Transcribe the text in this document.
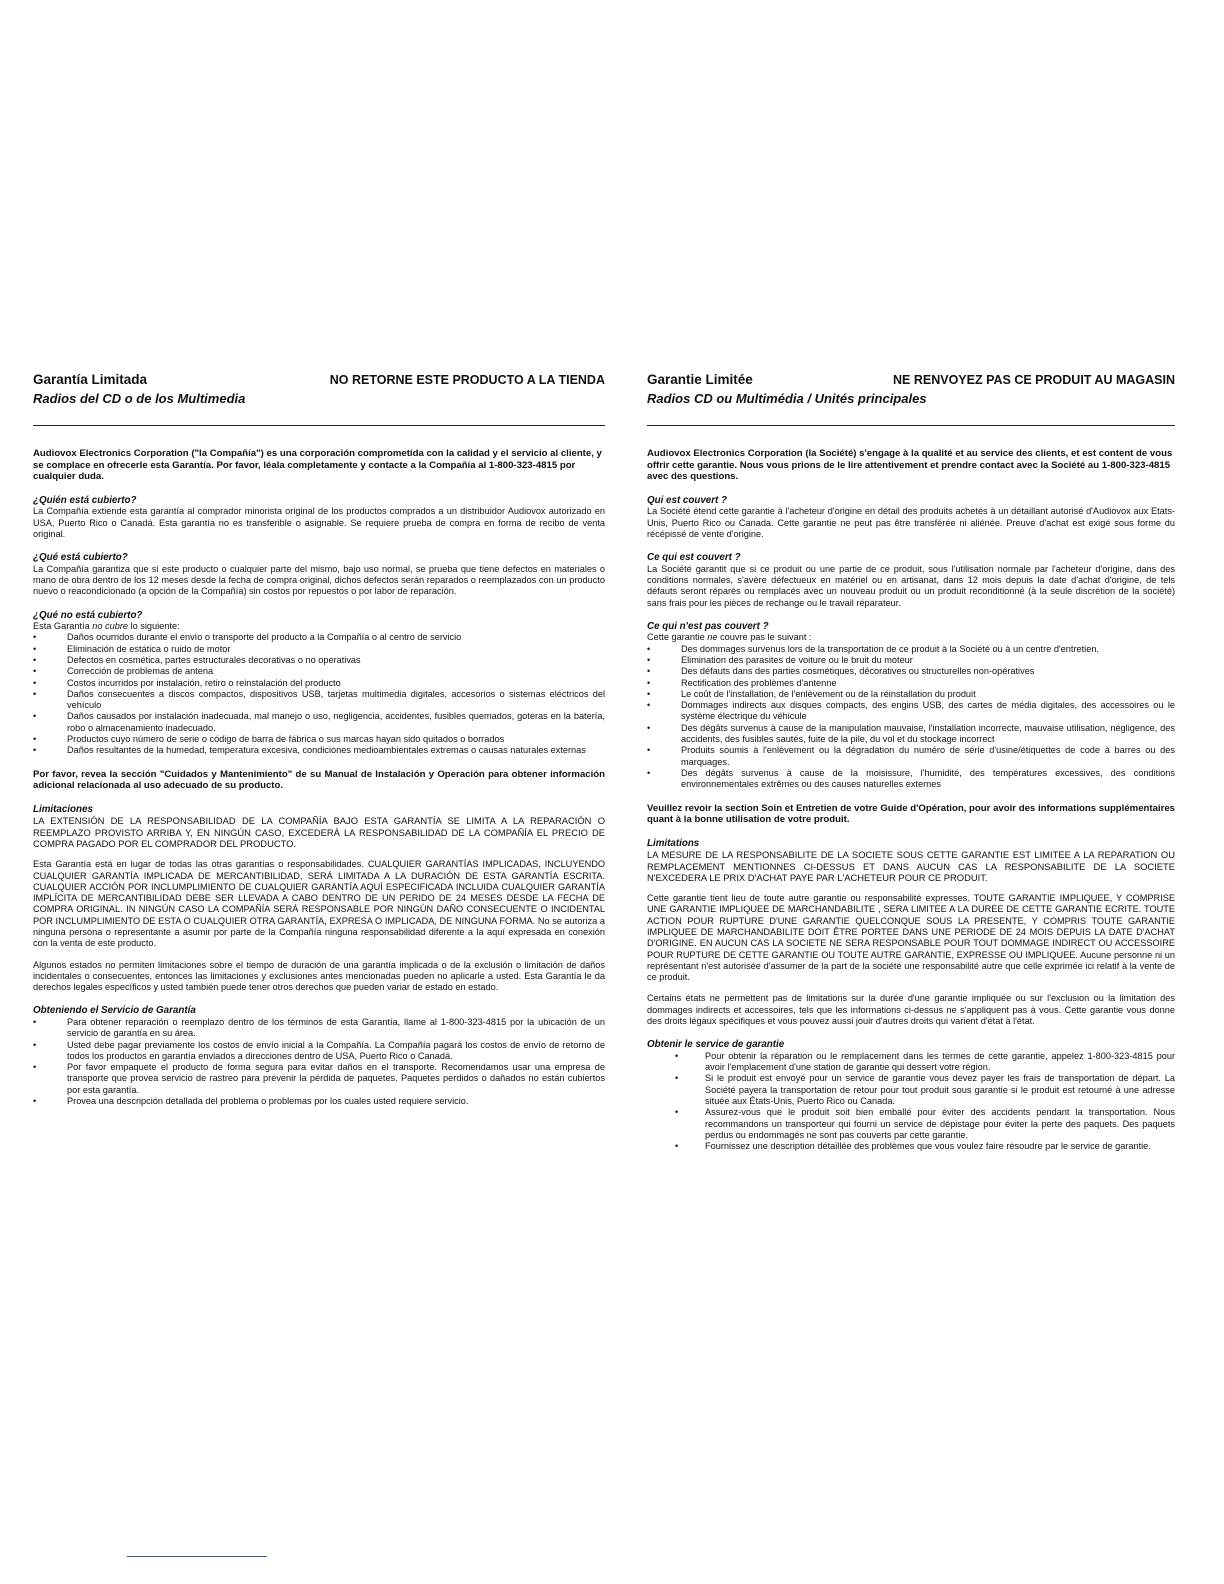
Garantía Limitada	NO RETORNE ESTE PRODUCTO A LA TIENDA
Radios del CD o de los Multimedia
Audiovox Electronics Corporation ("la Compañía") es una corporación comprometida con la calidad y el servicio al cliente, y se complace en ofrecerle esta Garantía. Por favor, léala completamente y contacte a la Compañía al 1-800-323-4815 por cualquier duda.
¿Quién está cubierto?

La Compañía extiende esta garantía al comprador minorista original de los productos comprados a un distribuidor Audiovox autorizado en USA, Puerto Rico o Canadá. Esta garantía no es transferible o asignable. Se requiere prueba de compra en forma de recibo de venta original.

¿Qué está cubierto?

La Compañía garantiza que si este producto o cualquier parte del mismo, bajo uso normal, se prueba que tiene defectos en materiales o mano de obra dentro de los 12 meses desde la fecha de compra original, dichos defectos serán reparados o reemplazados con un producto nuevo o reacondicionado (a opción de la Compañía) sin costos por repuestos o por labor de reparación.

¿Qué no está cubierto?

Esta Garantía no cubre lo siguiente:

• Daños ocurridos durante el envío o transporte del producto a la Compañía o al centro de servicio
• Eliminación de estática o ruido de motor
• Defectos en cosmética, partes estructurales decorativas o no operativas
• Corrección de problemas de antena
• Costos incurridos por instalación, retiro o reinstalación del producto
• Daños consecuentes a discos compactos, dispositivos USB, tarjetas multimedia digitales, accesorios o sistemas eléctricos del vehículo
• Daños causados por instalación inadecuada, mal manejo o uso, negligencia, accidentes, fusibles quemados, goteras en la batería, robo o almacenamiento inadecuado.
• Productos cuyo número de serie o código de barra de fábrica o sus marcas hayan sido quitados o borrados
• Daños resultantes de la humedad, temperatura excesiva, condiciones medioambientales extremas o causas naturales externas

Por favor, revea la sección "Cuidados y Mantenimiento" de su Manual de Instalación y Operación para obtener información adicional relacionada al uso adecuado de su producto.

Limitaciones

LA EXTENSIÓN DE LA RESPONSABILIDAD DE LA COMPAÑÍA BAJO ESTA GARANTÍA SE LIMITA A LA REPARACIÓN O REEMPLAZO PROVISTO ARRIBA Y, EN NINGÚN CASO, EXCEDERÁ LA RESPONSABILIDAD DE LA COMPAÑÍA EL PRECIO DE COMPRA PAGADO POR EL COMPRADOR DEL PRODUCTO.

Esta Garantía está en lugar de todas las otras garantías o responsabilidades. CUALQUIER GARANTÍAS IMPLICADAS, INCLUYENDO CUALQUIER GARANTÍA IMPLICADA DE MERCANTIBILIDAD, SERÁ LIMITADA A LA DURACIÓN DE ESTA GARANTÍA ESCRITA. CUALQUIER ACCIÓN POR INCLUMPLIMIENTO DE CUALQUIER GARANTÍA AQUÍ ESPECIFICADA INCLUIDA CUALQUIER GARANTÍA IMPLÍCITA DE MERCANTIBILIDAD DEBE SER LLEVADA A CABO DENTRO DE UN PERIDO DE 24 MESES DESDE LA FECHA DE COMPRA ORIGINAL. IN NINGÚN CASO LA COMPAÑÍA SERÁ RESPONSABLE POR NINGÚN DAÑO CONSECUENTE O INCIDENTAL POR INCLUMPLIMIENTO DE ESTA O CUALQUIER OTRA GARANTÍA, EXPRESA O IMPLICADA, DE NINGUNA FORMA. No se autoriza a ninguna persona o representante a asumir por parte de la Compañía ninguna responsabilidad diferente a la aquí expresada en conexión con la venta de este producto.

Algunos estados no permiten limitaciones sobre el tiempo de duración de una garantía implicada o de la exclusión o limitación de daños incidentales o consecuentes, entonces las limitaciones y exclusiones antes mencionadas pueden no aplicarle a usted. Esta Garantía le da derechos legales específicos y usted también puede tener otros derechos que pueden variar de estado en estado.

Obteniendo el Servicio de Garantía
• Para obtener reparación o reemplazo dentro de los términos de esta Garantía, llame al 1-800-323-4815 por la ubicación de un servicio de garantía en su área.
• Usted debe pagar previamente los costos de envío inicial a la Compañía. La Compañía pagará los costos de envío de retorno de todos los productos en garantía enviados a direcciones dentro de USA, Puerto Rico o Canadá.
• Por favor empaquete el producto de forma segura para evitar daños en el transporte. Recomendamos usar una empresa de transporte que provea servicio de rastreo para prevenir la pérdida de paquetes. Paquetes perdidos o dañados no están cubiertos por esta garantía.
• Provea una descripción detallada del problema o problemas por los cuales usted requiere servicio.
Garantie Limitée	NE RENVOYEZ PAS CE PRODUIT AU MAGASIN
Radios CD ou Multimédia / Unités principales
Audiovox Electronics Corporation (la Société) s'engage à la qualité et au service des clients, et est content de vous offrir cette garantie. Nous vous prions de le lire attentivement et prendre contact avec la Société au 1-800-323-4815 avec des questions.
Qui est couvert ?

La Société étend cette garantie à l'acheteur d'origine en détail des produits achetés à un détaillant autorisé d'Audiovox aux Etats-Unis, Puerto Rico ou Canada. Cette garantie ne peut pas être transférée ni aliénée. Preuve d'achat est exigé sous forme du récépissé de vente d'origine.

Ce qui est couvert ?

La Société garantit que si ce produit ou une partie de ce produit, sous l'utilisation normale par l'acheteur d'origine, dans des conditions normales, s'avère défectueux en matériel ou en artisanat, dans 12 mois depuis la date d'achat d'origine, de tels défauts seront réparés ou remplacés avec un nouveau produit ou un produit reconditionné (à la seule discrétion de la société) sans frais pour les pièces de rechange ou le travail réparateur.

Ce qui n'est pas couvert ?

Cette garantie ne couvre pas le suivant :

• Des dommages survenus lors de la transportation de ce produit à la Société ou à un centre d'entretien.
• Elimination des parasites de voiture ou le bruit du moteur
• Des défauts dans des parties cosmétiques, décoratives ou structurelles non-opératives
• Rectification des problèmes d'antenne
• Le coût de l'installation, de l'enlèvement ou de la réinstallation du produit
• Dommages indirects aux disques compacts, des engins USB, des cartes de média digitales, des accessoires ou le système électrique du véhicule
• Des dégâts survenus à cause de la manipulation mauvaise, l'installation incorrecte, mauvaise utilisation, négligence, des accidents, des fusibles sautés, fuite de la pile, du vol et du stockage incorrect
• Produits soumis à l'enlèvement ou la dégradation du numéro de série d'usine/étiquettes de code à barres ou des marquages.
• Des dégâts survenus à cause de la moisissure, l'humidité, des températures excessives, des conditions environnementales extrêmes ou des causes naturelles externes

Veuillez revoir la section Soin et Entretien de votre Guide d'Opération, pour avoir des informations supplémentaires quant à la bonne utilisation de votre produit.

Limitations

LA MESURE DE LA RESPONSABILITE DE LA SOCIETE SOUS CETTE GARANTIE EST LIMITEE A LA REPARATION OU REMPLACEMENT MENTIONNES CI-DESSUS ET DANS AUCUN CAS LA RESPONSABILITE DE LA SOCIETE N'EXCEDERA LE PRIX D'ACHAT PAYE PAR L'ACHETEUR POUR CE PRODUIT.

Cette garantie tient lieu de toute autre garantie ou responsabilité expresses. TOUTE GARANTIE IMPLIQUEE, Y COMPRISE UNE GARANTIE IMPLIQUEE DE MARCHANDABILITE , SERA LIMITEE A LA DUREE DE CETTE GARANTIE ECRITE. TOUTE ACTION POUR RUPTURE D'UNE GARANTIE QUELCONQUE SOUS LA PRESENTE, Y COMPRIS TOUTE GARANTIE IMPLIQUEE DE MARCHANDABILITE DOIT ÊTRE PORTEE DANS UNE PERIODE DE 24 MOIS DEPUIS LA DATE D'ACHAT D'ORIGINE. EN AUCUN CAS LA SOCIETE NE SERA RESPONSABLE POUR TOUT DOMMAGE INDIRECT OU ACCESSOIRE POUR RUPTURE DE CETTE GARANTIE OU TOUTE AUTRE GARANTIE, EXPRESSE OU IMPLIQUEE. Aucune personne ni un représentant n'est autorisée d'assumer de la part de la société une responsabilité autre que celle exprimée ici relatif à la vente de ce produit.

Certains états ne permettent pas de limitations sur la durée d'une garantie impliquée ou sur l'exclusion ou la limitation des dommages indirects et accessoires, tels que les informations ci-dessus ne s'appliquent pas à vous. Cette garantie vous donne des droits légaux spécifiques et vous pouvez aussi jouir d'autres droits qui varient d'état à l'état.

Obtenir le service de garantie
• Pour obtenir la réparation ou le remplacement dans les termes de cette garantie, appelez 1-800-323-4815 pour avoir l'emplacement d'une station de garantie qui dessert votre région.
• Si le produit est envoyé pour un service de garantie vous devez payer les frais de transportation de départ. La Société payera la transportation de retour pour tout produit sous garantie si le produit est retourné à une adresse située aux États-Unis, Puerto Rico ou Canada.
• Assurez-vous que le produit soit bien emballé pour éviter des accidents pendant la transportation. Nous recommandons un transporteur qui fourni un service de dépistage pour éviter la perte des paquets. Des paquets perdus ou endommagés ne sont pas couverts par cette garantie.
• Fournissez une description détaillée des problèmes que vous voulez faire résoudre par le service de garantie.
